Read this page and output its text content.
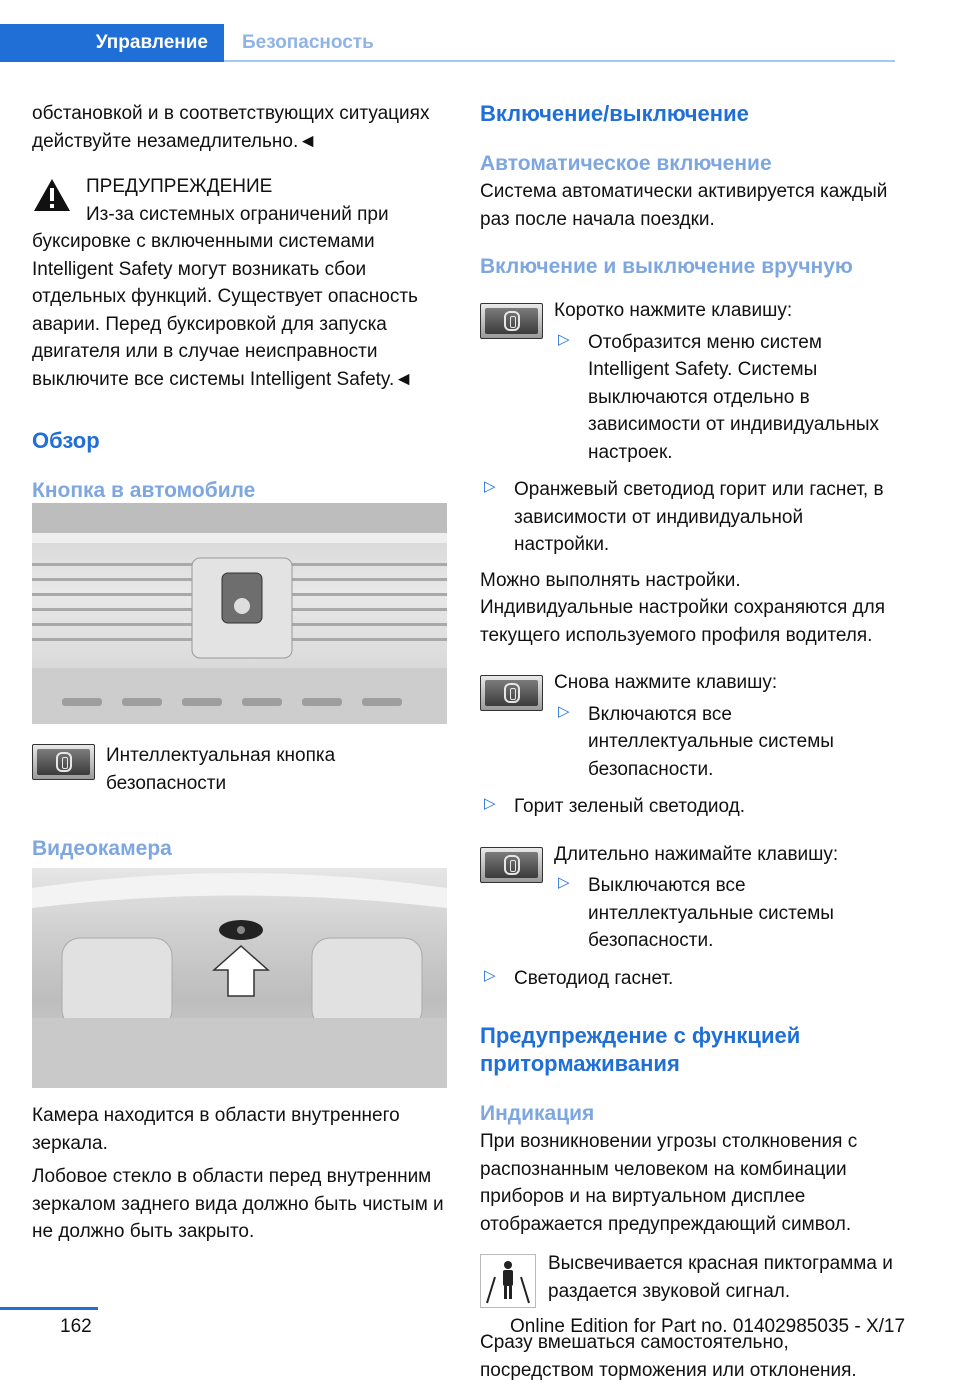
Управление Безопасность

обстановкой и в соответствующих ситуациях действуйте незамедлительно.◄

ПРЕДУПРЕЖДЕНИЕ

Из-за системных ограничений при буксировке с включенными системами Intelligent Safety могут возникать сбои отдельных функций. Существует опасность аварии. Перед буксировкой для запуска двигателя или в случае неисправности выключите все системы Intelligent Safety.◄

Обзор

Кнопка в автомобиле

Интеллектуальная кнопка безопасности

Видеокамера

Камера находится в области внутреннего зеркала.

Лобовое стекло в области перед внутренним зеркалом заднего вида должно быть чистым и не должно быть закрыто.

Включение/выключение

Автоматическое включение

Система автоматически активируется каждый раз после начала поездки.

Включение и выключение вручную

Коротко нажмите клавишу:

▷ Отобразится меню систем Intelligent Safety. Системы выключаются отдельно в зависимости от индивидуальных настроек.

▷ Оранжевый светодиод горит или гаснет, в зависимости от индивидуальной настройки.

Можно выполнять настройки. Индивидуальные настройки сохраняются для текущего используемого профиля водителя.

Снова нажмите клавишу:

▷ Включаются все интеллектуальные системы безопасности.

▷ Горит зеленый светодиод.

Длительно нажимайте клавишу:

▷ Выключаются все интеллектуальные системы безопасности.

▷ Светодиод гаснет.

Предупреждение с функцией притормаживания

Индикация

При возникновении угрозы столкновения с распознанным человеком на комбинации приборов и на виртуальном дисплее отображается предупреждающий символ.

Высвечивается красная пиктограмма и раздается звуковой сигнал.

Сразу вмешаться самостоятельно, посредством торможения или отклонения.

162	Online Edition for Part no. 01402985035 - X/17
